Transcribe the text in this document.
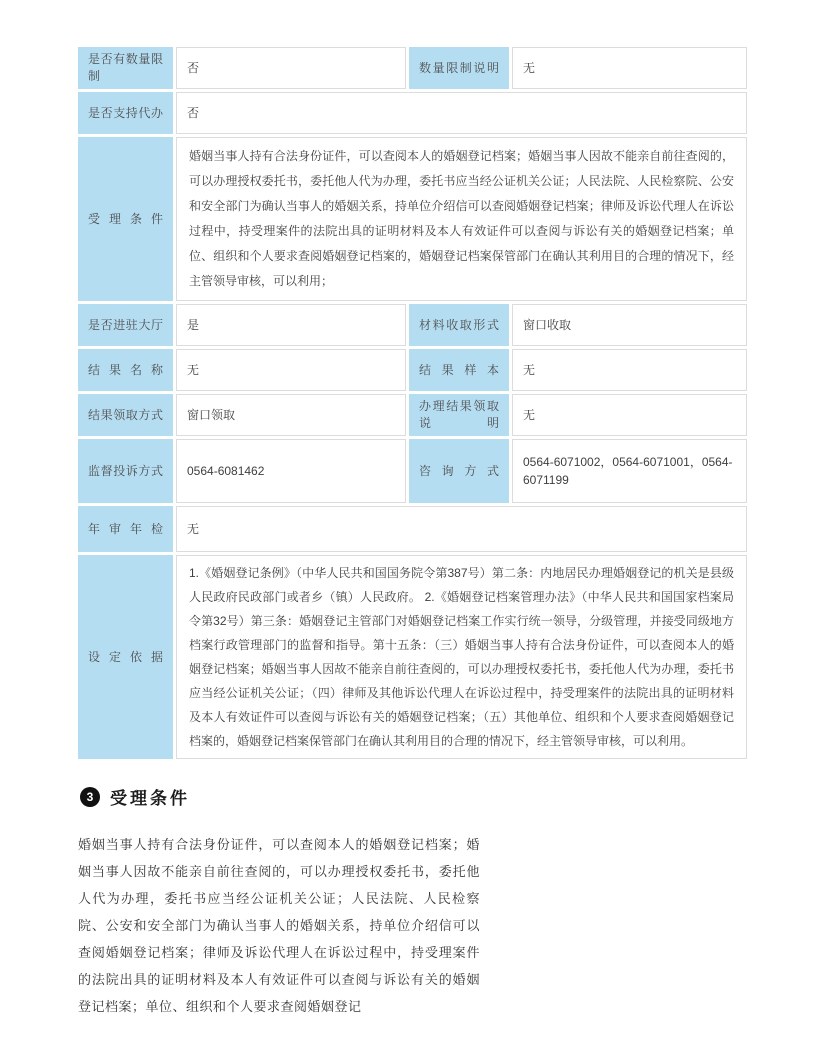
是否有数量限制	否	数量限制说明	无
是否支持代办	否		
受理条件	婚姻当事人持有合法身份证件，可以查阅本人的婚姻登记档案；婚姻当事人因故不能亲自前往查阅的，可以办理授权委托书，委托他人代为办理，委托书应当经公证机关公证；人民法院、人民检察院、公安和安全部门为确认当事人的婚姻关系，持单位介绍信可以查阅婚姻登记档案；律师及诉讼代理人在诉讼过程中，持受理案件的法院出具的证明材料及本人有效证件可以查阅与诉讼有关的婚姻登记档案；单位、组织和个人要求查阅婚姻登记档案的，婚姻登记档案保管部门在确认其利用目的合理的情况下，经主管领导审核，可以利用；		
是否进驻大厅	是	材料收取形式	窗口收取
结果名称	无	结果样本	无
结果领取方式	窗口领取	办理结果领取说明	无
监督投诉方式	0564-6081462	咨询方式	0564-6071002，0564-6071001，0564-6071199
年审年检	无		
设定依据	1.《婚姻登记条例》（中华人民共和国国务院令第387号）第二条：内地居民办理婚姻登记的机关是县级人民政府民政部门或者乡（镇）人民政府。 2.《婚姻登记档案管理办法》（中华人民共和国国家档案局令第32号）第三条：婚姻登记主管部门对婚姻登记档案工作实行统一领导，分级管理，并接受同级地方档案行政管理部门的监督和指导。第十五条：（三）婚姻当事人持有合法身份证件，可以查阅本人的婚姻登记档案；婚姻当事人因故不能亲自前往查阅的，可以办理授权委托书，委托他人代为办理，委托书应当经公证机关公证；（四）律师及其他诉讼代理人在诉讼过程中，持受理案件的法院出具的证明材料及本人有效证件可以查阅与诉讼有关的婚姻登记档案；（五）其他单位、组织和个人要求查阅婚姻登记档案的，婚姻登记档案保管部门在确认其利用目的合理的情况下，经主管领导审核，可以利用。		
3 受理条件
婚姻当事人持有合法身份证件，可以查阅本人的婚姻登记档案；婚姻当事人因故不能亲自前往查阅的，可以办理授权委托书，委托他人代为办理，委托书应当经公证机关公证；人民法院、人民检察院、公安和安全部门为确认当事人的婚姻关系，持单位介绍信可以查阅婚姻登记档案；律师及诉讼代理人在诉讼过程中，持受理案件的法院出具的证明材料及本人有效证件可以查阅与诉讼有关的婚姻登记档案；单位、组织和个人要求查阅婚姻登记
